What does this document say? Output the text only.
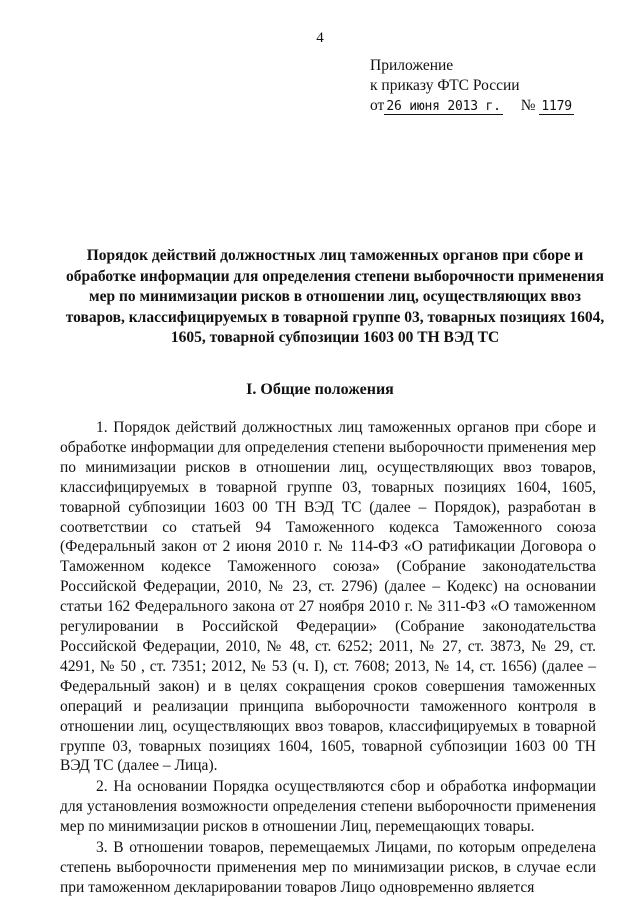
4
Приложение
к приказу ФТС России
от 26 июня 2013 г. № 1179
Порядок действий должностных лиц таможенных органов при сборе и обработке информации для определения степени выборочности применения мер по минимизации рисков в отношении лиц, осуществляющих ввоз товаров, классифицируемых в товарной группе 03, товарных позициях 1604, 1605, товарной субпозиции 1603 00 ТН ВЭД ТС
I. Общие положения

1. Порядок действий должностных лиц таможенных органов при сборе и обработке информации для определения степени выборочности применения мер по минимизации рисков в отношении лиц, осуществляющих ввоз товаров, классифицируемых в товарной группе 03, товарных позициях 1604, 1605, товарной субпозиции 1603 00 ТН ВЭД ТС (далее – Порядок), разработан в соответствии со статьей 94 Таможенного кодекса Таможенного союза (Федеральный закон от 2 июня 2010 г. № 114-ФЗ «О ратификации Договора о Таможенном кодексе Таможенного союза» (Собрание законодательства Российской Федерации, 2010, № 23, ст. 2796) (далее – Кодекс) на основании статьи 162 Федерального закона от 27 ноября 2010 г. № 311-ФЗ «О таможенном регулировании в Российской Федерации» (Собрание законодательства Российской Федерации, 2010, № 48, ст. 6252; 2011, № 27, ст. 3873, № 29, ст. 4291, № 50 , ст. 7351; 2012, № 53 (ч. I), ст. 7608; 2013, № 14, ст. 1656) (далее – Федеральный закон) и в целях сокращения сроков совершения таможенных операций и реализации принципа выборочности таможенного контроля в отношении лиц, осуществляющих ввоз товаров, классифицируемых в товарной группе 03, товарных позициях 1604, 1605, товарной субпозиции 1603 00 ТН ВЭД ТС (далее – Лица).

2. На основании Порядка осуществляются сбор и обработка информации для установления возможности определения степени выборочности применения мер по минимизации рисков в отношении Лиц, перемещающих товары.

3. В отношении товаров, перемещаемых Лицами, по которым определена степень выборочности применения мер по минимизации рисков, в случае если при таможенном декларировании товаров Лицо одновременно является
